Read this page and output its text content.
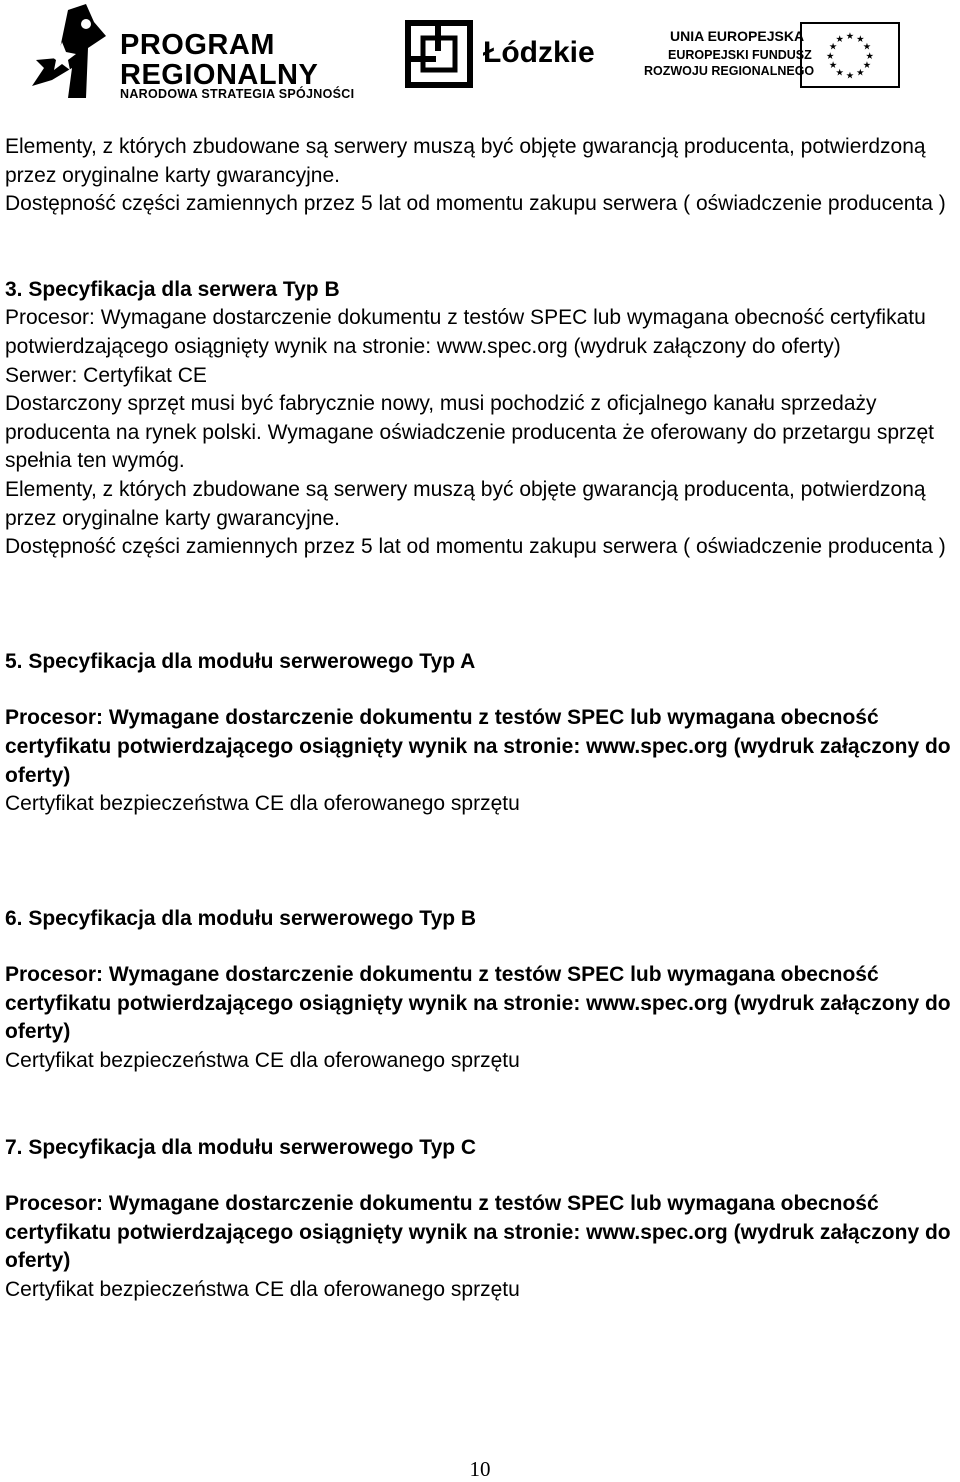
PROGRAM
REGIONALNY
NARODOWA STRATEGIA SPÓJNOŚCI
Łódzkie	UNIA EUROPEJSKA
EUROPEJSKI FUNDUSZ
ROZWOJU REGIONALNEGO
★ ★
★
★
★
★
★
★
★
★
★
★

Elementy, z których zbudowane są serwery muszą być objęte gwarancją producenta, potwierdzoną przez oryginalne karty gwarancyjne.

Dostępność części zamiennych przez 5 lat od momentu zakupu serwera ( oświadczenie producenta )

3. Specyfikacja dla serwera Typ B

Procesor: Wymagane dostarczenie dokumentu z testów SPEC lub wymagana obecność certyfikatu potwierdzającego osiągnięty wynik na stronie: www.spec.org (wydruk załączony do oferty)

Serwer: Certyfikat CE

Dostarczony sprzęt musi być fabrycznie nowy, musi pochodzić z oficjalnego kanału sprzedaży producenta na rynek polski. Wymagane oświadczenie producenta że oferowany do przetargu sprzęt spełnia ten wymóg.

Elementy, z których zbudowane są serwery muszą być objęte gwarancją producenta, potwierdzoną przez oryginalne karty gwarancyjne.

Dostępność części zamiennych przez 5 lat od momentu zakupu serwera ( oświadczenie producenta )

5. Specyfikacja dla modułu serwerowego Typ A

Procesor: Wymagane dostarczenie dokumentu z testów SPEC lub wymagana obecność certyfikatu potwierdzającego osiągnięty wynik na stronie: www.spec.org (wydruk załączony do oferty)

Certyfikat bezpieczeństwa CE dla oferowanego sprzętu

6. Specyfikacja dla modułu serwerowego Typ B

Procesor: Wymagane dostarczenie dokumentu z testów SPEC lub wymagana obecność certyfikatu potwierdzającego osiągnięty wynik na stronie: www.spec.org (wydruk załączony do oferty)

Certyfikat bezpieczeństwa CE dla oferowanego sprzętu

7. Specyfikacja dla modułu serwerowego Typ C

Procesor: Wymagane dostarczenie dokumentu z testów SPEC lub wymagana obecność certyfikatu potwierdzającego osiągnięty wynik na stronie: www.spec.org (wydruk załączony do oferty)

Certyfikat bezpieczeństwa CE dla oferowanego sprzętu

10
